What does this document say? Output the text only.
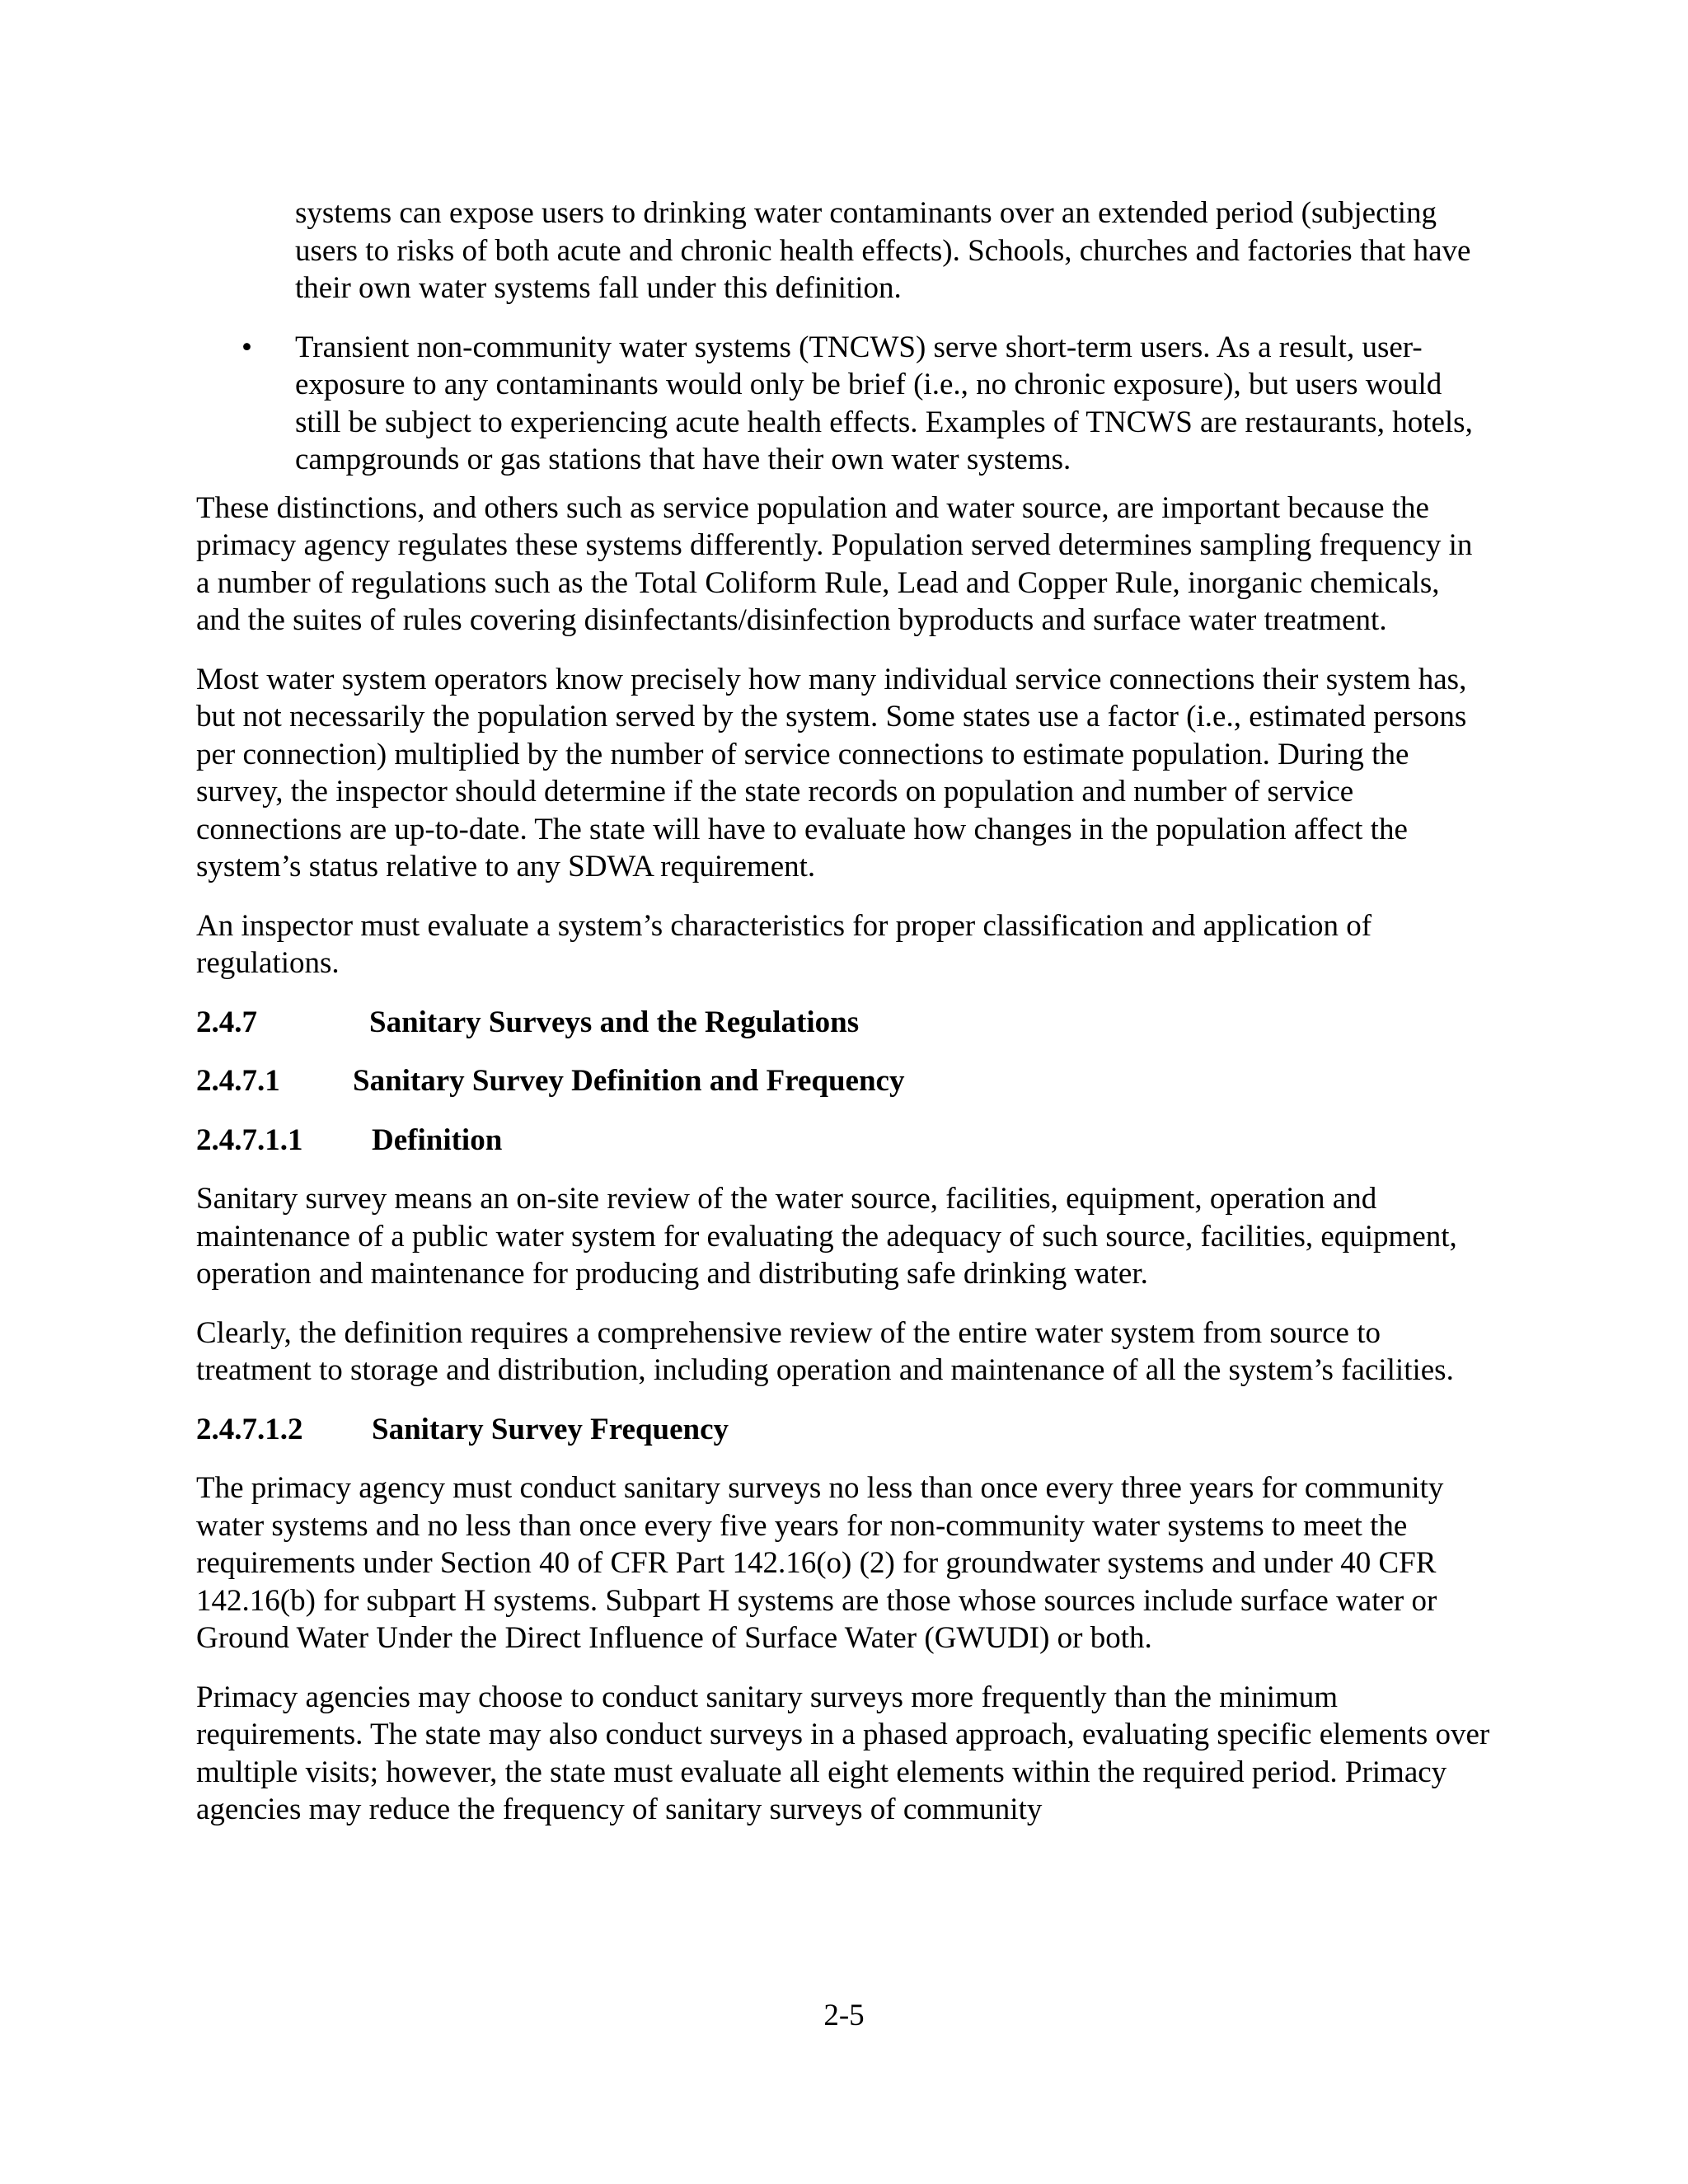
systems can expose users to drinking water contaminants over an extended period (subjecting users to risks of both acute and chronic health effects). Schools, churches and factories that have their own water systems fall under this definition.
• Transient non-community water systems (TNCWS) serve short-term users. As a result, user-exposure to any contaminants would only be brief (i.e., no chronic exposure), but users would still be subject to experiencing acute health effects. Examples of TNCWS are restaurants, hotels, campgrounds or gas stations that have their own water systems.

These distinctions, and others such as service population and water source, are important because the primacy agency regulates these systems differently. Population served determines sampling frequency in a number of regulations such as the Total Coliform Rule, Lead and Copper Rule, inorganic chemicals, and the suites of rules covering disinfectants/disinfection byproducts and surface water treatment.

Most water system operators know precisely how many individual service connections their system has, but not necessarily the population served by the system. Some states use a factor (i.e., estimated persons per connection) multiplied by the number of service connections to estimate population. During the survey, the inspector should determine if the state records on population and number of service connections are up-to-date. The state will have to evaluate how changes in the population affect the system’s status relative to any SDWA requirement.

An inspector must evaluate a system’s characteristics for proper classification and application of regulations.

2.4.7	Sanitary Surveys and the Regulations
2.4.7.1	Sanitary Survey Definition and Frequency
2.4.7.1.1	Definition

Sanitary survey means an on-site review of the water source, facilities, equipment, operation and maintenance of a public water system for evaluating the adequacy of such source, facilities, equipment, operation and maintenance for producing and distributing safe drinking water.

Clearly, the definition requires a comprehensive review of the entire water system from source to treatment to storage and distribution, including operation and maintenance of all the system’s facilities.

2.4.7.1.2	Sanitary Survey Frequency

The primacy agency must conduct sanitary surveys no less than once every three years for community water systems and no less than once every five years for non-community water systems to meet the requirements under Section 40 of CFR Part 142.16(o) (2) for groundwater systems and under 40 CFR 142.16(b) for subpart H systems. Subpart H systems are those whose sources include surface water or Ground Water Under the Direct Influence of Surface Water (GWUDI) or both.

Primacy agencies may choose to conduct sanitary surveys more frequently than the minimum requirements. The state may also conduct surveys in a phased approach, evaluating specific elements over multiple visits; however, the state must evaluate all eight elements within the required period. Primacy agencies may reduce the frequency of sanitary surveys of community

2-5
